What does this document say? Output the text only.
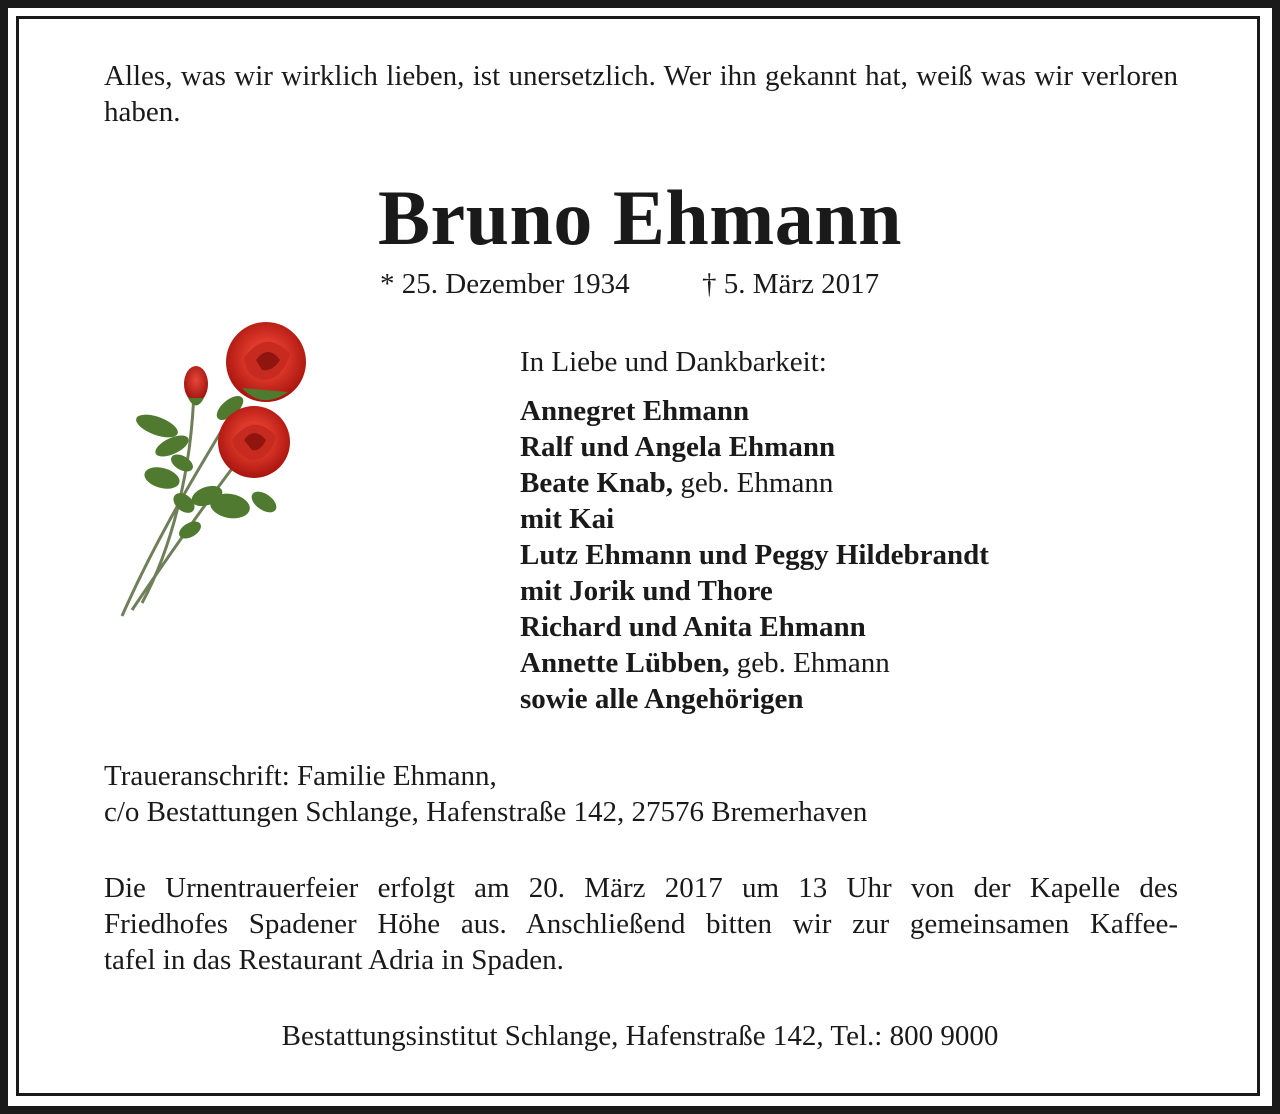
Alles, was wir wirklich lieben, ist unersetzlich. Wer ihn gekannt hat, weiß was wir verloren haben.
Bruno Ehmann
* 25. Dezember 1934 † 5. März 2017
In Liebe und Dankbarkeit:
Annegret Ehmann
Ralf und Angela Ehmann
Beate Knab, geb. Ehmann
mit Kai
Lutz Ehmann und Peggy Hildebrandt
mit Jorik und Thore
Richard und Anita Ehmann
Annette Lübben, geb. Ehmann
sowie alle Angehörigen
Traueranschrift: Familie Ehmann,
c/o Bestattungen Schlange, Hafenstraße 142, 27576 Bremerhaven
Die Urnentrauerfeier erfolgt am 20. März 2017 um 13 Uhr von der Kapelle des
Friedhofes Spadener Höhe aus. Anschließend bitten wir zur gemeinsamen Kaffee-
tafel in das Restaurant Adria in Spaden.
Bestattungsinstitut Schlange, Hafenstraße 142, Tel.: 800 9000
